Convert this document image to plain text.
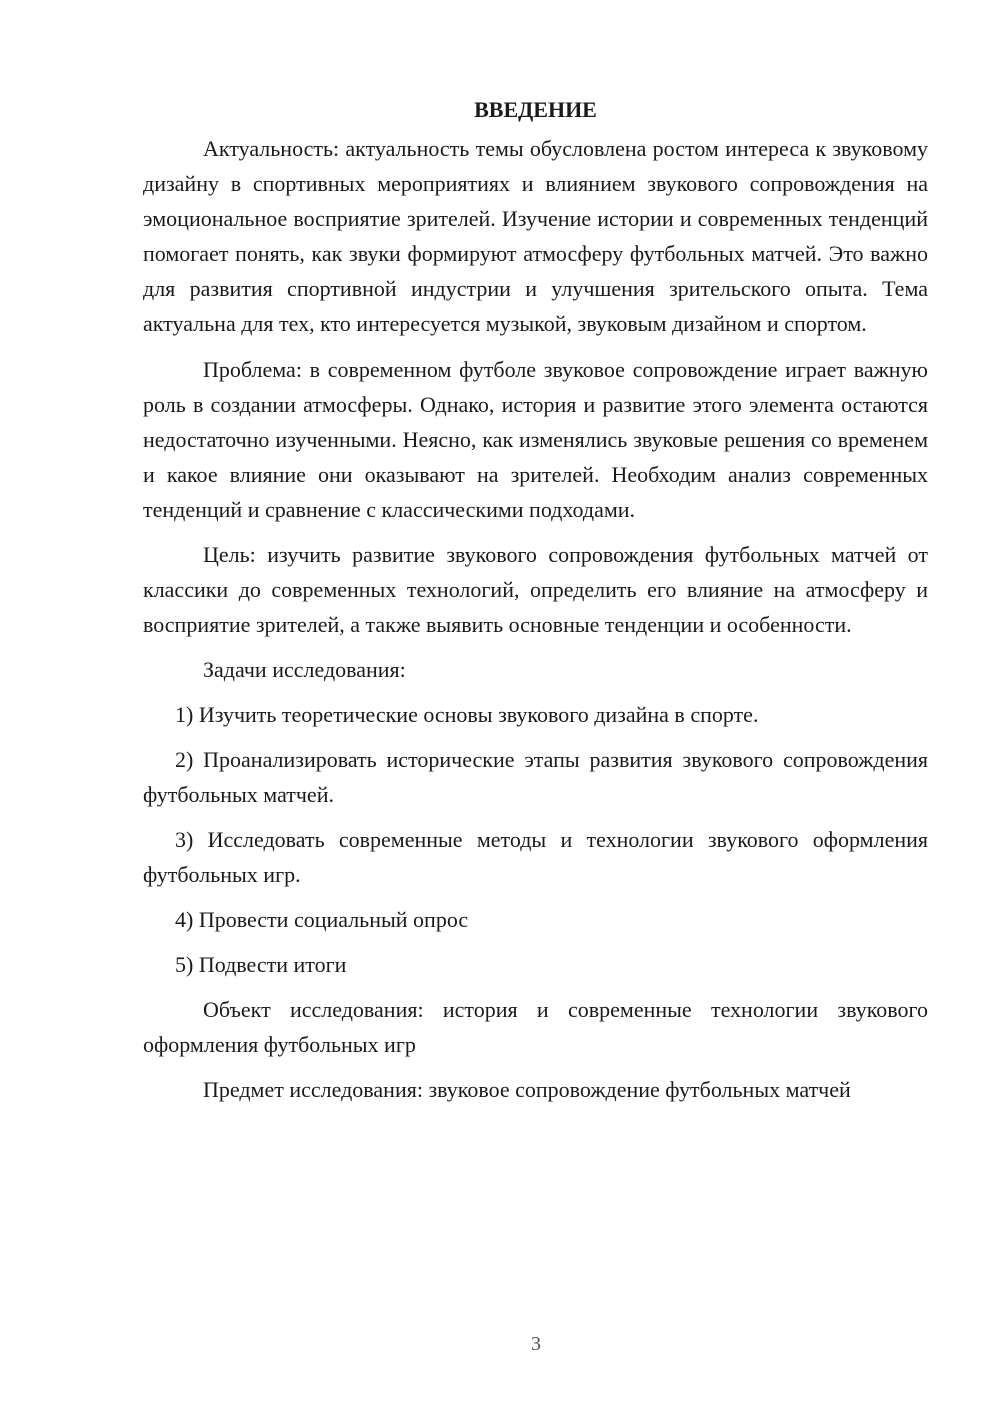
ВВЕДЕНИЕ

Актуальность: актуальность темы обусловлена ростом интереса к звуковому дизайну в спортивных мероприятиях и влиянием звукового сопровождения на эмоциональное восприятие зрителей. Изучение истории и современных тенденций помогает понять, как звуки формируют атмосферу футбольных матчей. Это важно для развития спортивной индустрии и улучшения зрительского опыта. Тема актуальна для тех, кто интересуется музыкой, звуковым дизайном и спортом.

Проблема: в современном футболе звуковое сопровождение играет важную роль в создании атмосферы. Однако, история и развитие этого элемента остаются недостаточно изученными. Неясно, как изменялись звуковые решения со временем и какое влияние они оказывают на зрителей. Необходим анализ современных тенденций и сравнение с классическими подходами.

Цель: изучить развитие звукового сопровождения футбольных матчей от классики до современных технологий, определить его влияние на атмосферу и восприятие зрителей, а также выявить основные тенденции и особенности.

Задачи исследования:

1) Изучить теоретические основы звукового дизайна в спорте.

2) Проанализировать исторические этапы развития звукового сопровождения футбольных матчей.

3) Исследовать современные методы и технологии звукового оформления футбольных игр.

4) Провести социальный опрос

5) Подвести итоги

Объект исследования: история и современные технологии звукового оформления футбольных игр

Предмет исследования: звуковое сопровождение футбольных матчей

3
